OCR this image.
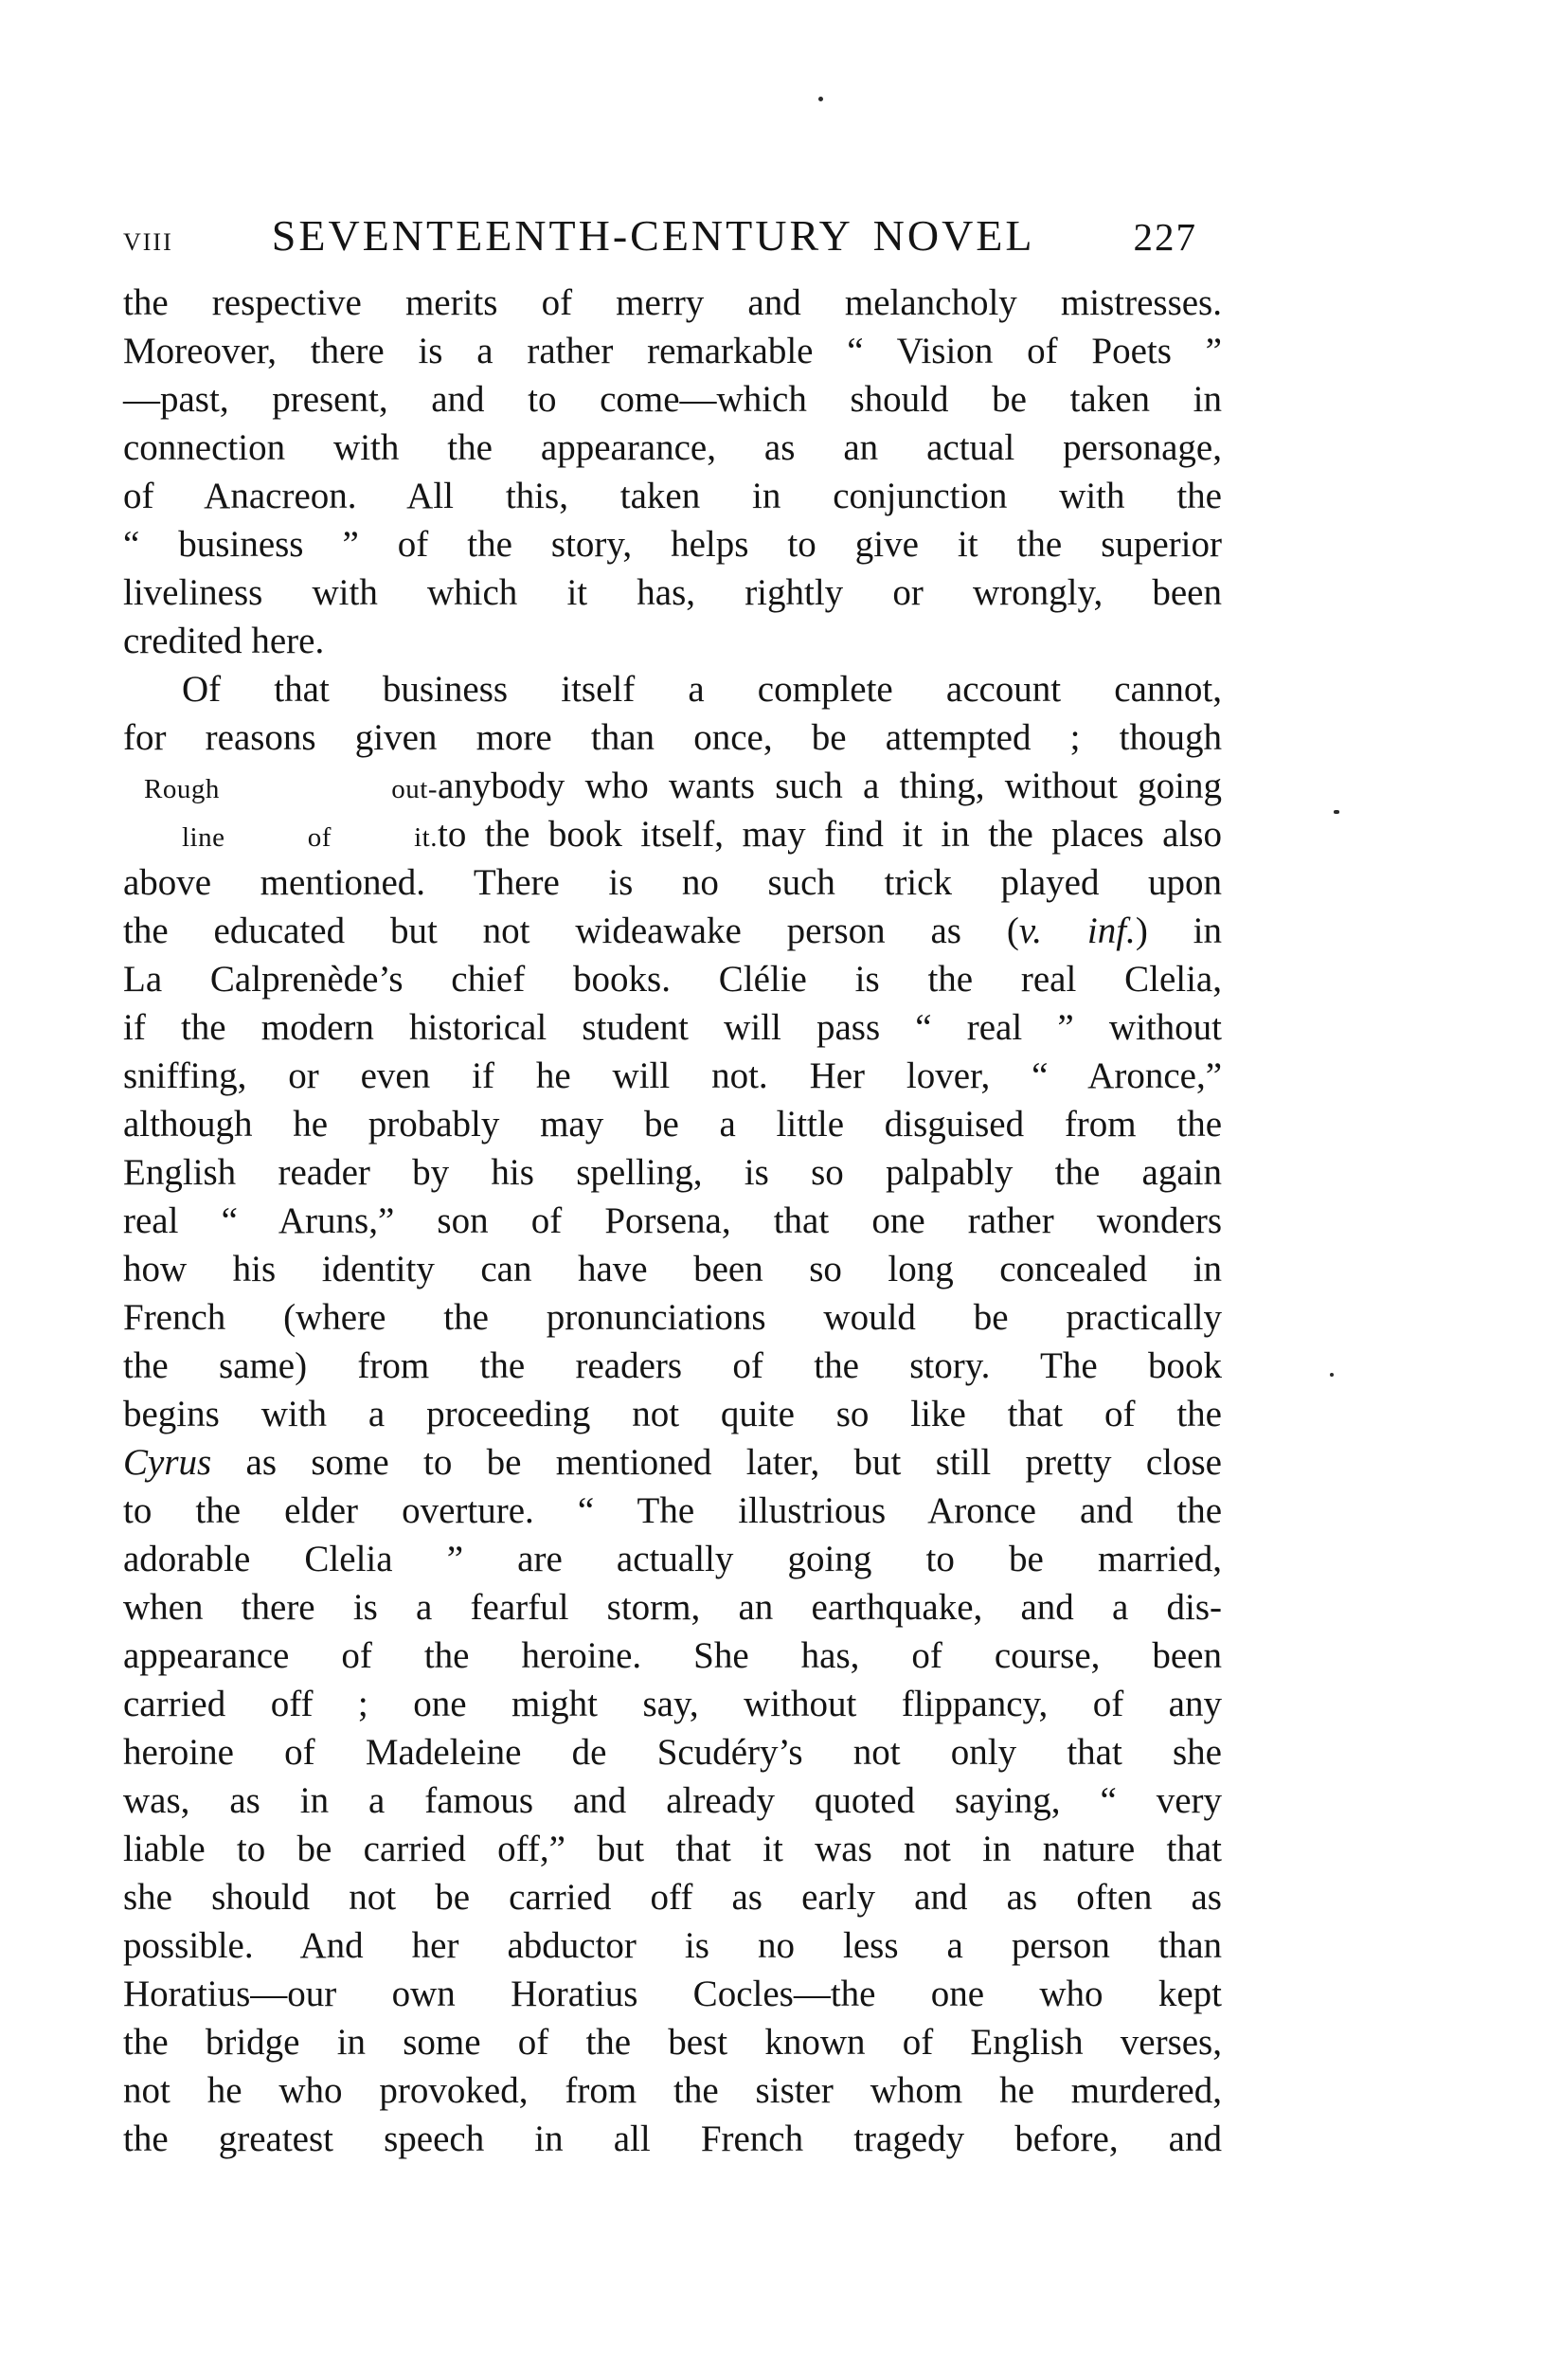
VIII	SEVENTEENTH-CENTURY NOVEL	227
the respective merits of merry and melancholy mistresses.
Moreover, there is a rather remarkable “ Vision of Poets ”
—past, present, and to come—which should be taken in
connection with the appearance, as an actual personage,
of Anacreon. All this, taken in conjunction with the
“ business ” of the story, helps to give it the superior
liveliness with which it has, rightly or wrongly, been
credited here.
Of that business itself a complete account cannot,
for reasons given more than once, be attempted ; though
Rough out- anybody who wants such a thing, without going
line of it. to the book itself, may find it in the places also
above mentioned. There is no such trick played upon
the educated but not wideawake person as (v. inf.) in
La Calprenède’s chief books. Clélie is the real Clelia,
if the modern historical student will pass “ real ” without
sniffing, or even if he will not. Her lover, “ Aronce,”
although he probably may be a little disguised from the
English reader by his spelling, is so palpably the again
real “ Aruns,” son of Porsena, that one rather wonders
how his identity can have been so long concealed in
French (where the pronunciations would be practically
the same) from the readers of the story. The book
begins with a proceeding not quite so like that of the
Cyrus as some to be mentioned later, but still pretty close
to the elder overture. “ The illustrious Aronce and the
adorable Clelia ” are actually going to be married,
when there is a fearful storm, an earthquake, and a dis-
appearance of the heroine. She has, of course, been
carried off ; one might say, without flippancy, of any
heroine of Madeleine de Scudéry’s not only that she
was, as in a famous and already quoted saying, “ very
liable to be carried off,” but that it was not in nature that
she should not be carried off as early and as often as
possible. And her abductor is no less a person than
Horatius—our own Horatius Cocles—the one who kept
the bridge in some of the best known of English verses,
not he who provoked, from the sister whom he murdered,
the greatest speech in all French tragedy before, and
